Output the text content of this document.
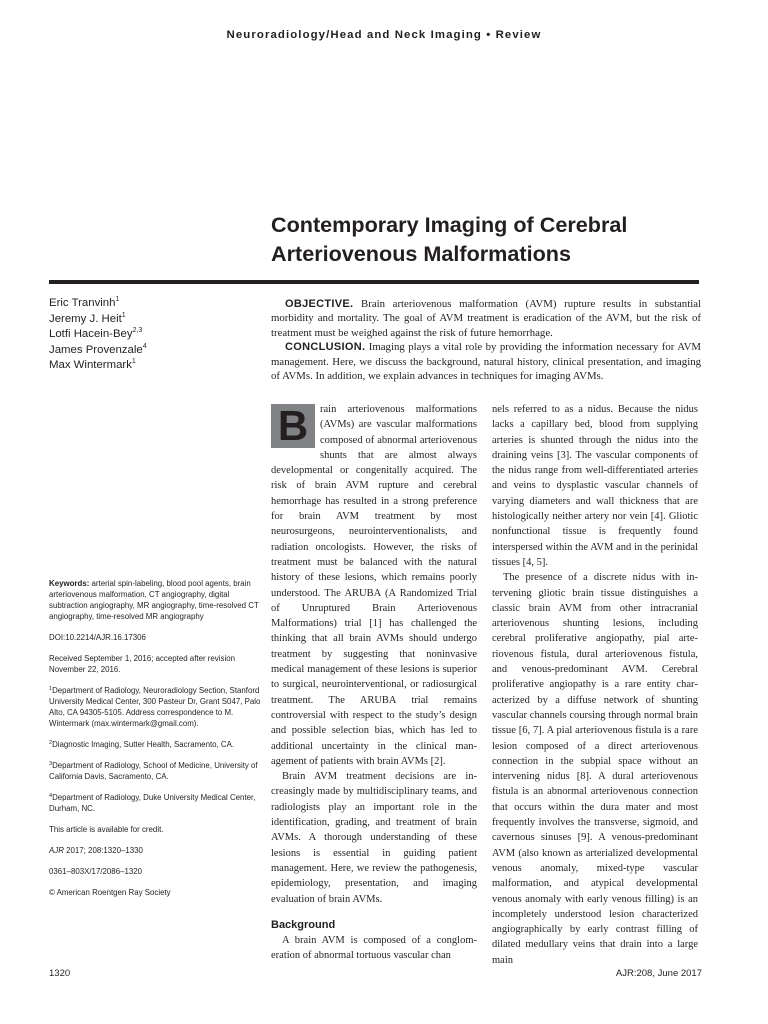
Neuroradiology/Head and Neck Imaging • Review
Contemporary Imaging of Cerebral
Arteriovenous Malformations
Eric Tranvinh$^1$
Jeremy J. Heit$^1$
Lotfi Hacein-Bey$^{2,3}$
James Provenzale$^4$
Max Wintermark$^1$

OBJECTIVE. Brain arteriovenous malformation (AVM) rupture results in substantial morbidity and mortality. The goal of AVM treatment is eradication of the AVM, but the risk of treatment must be weighed against the risk of future hemorrhage.

CONCLUSION. Imaging plays a vital role by providing the information necessary for AVM management. Here, we discuss the background, natural history, clinical presentation, and imaging of AVMs. In addition, we explain advances in techniques for imaging AVMs.

Keywords: arterial spin-labeling, blood pool agents, brain arteriovenous malformation, CT angiography, digital subtraction angiography, MR angiography, time-resolved CT angiography, time-resolved MR angiography

DOI:10.2214/AJR.16.17306

Received September 1, 2016; accepted after revision November 22, 2016.

$^1$Department of Radiology, Neuroradiology Section, Stanford University Medical Center, 300 Pasteur Dr, Grant S047, Palo Alto, CA 94305-5105. Address correspondence to M. Wintermark (max.wintermark@gmail.com).

$^2$Diagnostic Imaging, Sutter Health, Sacramento, CA.

$^3$Department of Radiology, School of Medicine, University of California Davis, Sacramento, CA.

$^4$Department of Radiology, Duke University Medical Center, Durham, NC.

This article is available for credit.

AJR 2017; 208:1320–1330

0361–803X/17/2086–1320

© American Roentgen Ray Society

B	rain arteriovenous malformations (AVMs) are vascular malformations composed of abnormal arteriovenous shunts that are almost always developmental or congenitally acquired. The risk of brain AVM rupture and cerebral hemorrhage has resulted in a strong preference for brain AVM treatment by most neurosurgeons, neurointerventionalists, and radiation oncologists. However, the risks of treatment must be balanced with the natural history of these lesions, which remains poorly understood. The ARUBA (A Randomized Trial of Unruptured Brain Arteriovenous Malformations) trial [1] has challenged the thinking that all brain AVMs should undergo treatment by suggesting that noninvasive medical management of these lesions is superior to surgical, neurointerventional, or radiosurgical treatment. The ARUBA trial remains controversial with respect to the study’s design and possible selection bias, which has led to additional uncertainty in the clinical management of patients with brain AVMs [2].

Brain AVM treatment decisions are increasingly made by multidisciplinary teams, and radiologists play an important role in the identification, grading, and treatment of brain AVMs. A thorough understanding of these lesions is essential in guiding patient management. Here, we review the pathogenesis, epidemiology, presentation, and imaging evaluation of brain AVMs.

Background

A brain AVM is composed of a conglomeration of abnormal tortuous vascular chan

nels referred to as a nidus. Because the nidus lacks a capillary bed, blood from supplying arteries is shunted through the nidus into the draining veins [3]. The vascular components of the nidus range from well-differentiated arteries and veins to dysplastic vascular channels of varying diameters and wall thickness that are histologically neither artery nor vein [4]. Gliotic nonfunctional tissue is frequently found interspersed within the AVM and in the perinidal tissues [4, 5].

The presence of a discrete nidus with intervening gliotic brain tissue distinguishes a classic brain AVM from other intracranial arteriovenous shunting lesions, including cerebral proliferative angiopathy, pial arteriovenous fistula, dural arteriovenous fistula, and venous-predominant AVM. Cerebral proliferative angiopathy is a rare entity characterized by a diffuse network of shunting vascular channels coursing through normal brain tissue [6, 7]. A pial arteriovenous fistula is a rare lesion composed of a direct arteriovenous connection in the subpial space without an intervening nidus [8]. A dural arteriovenous fistula is an abnormal arteriovenous connection that occurs within the dura mater and most frequently involves the transverse, sigmoid, and cavernous sinuses [9]. A venous-predominant AVM (also known as arterialized developmental venous anomaly, mixed-type vascular malformation, and atypical developmental venous anomaly with early venous filling) is an incompletely understood lesion characterized angiographically by early contrast filling of dilated medullary veins that drain into a large main

1320	AJR:208, June 2017
